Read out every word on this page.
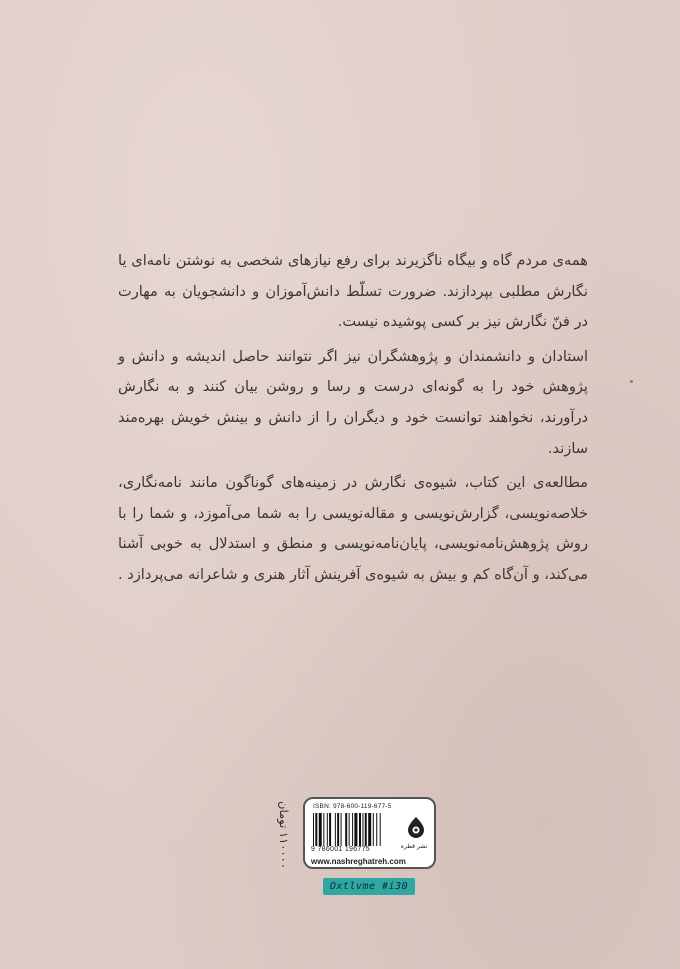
همه‌ی مردم گاه و بیگاه ناگزیرند برای رفع نیازهای شخصی به نوشتن نامه‌ای یا نگارش مطلبی بپردازند. ضرورت تسلّط دانش‌آموزان و دانشجویان به مهارت در فنّ نگارش نیز بر کسی پوشیده نیست.

استادان و دانشمندان و پژوهشگران نیز اگر نتوانند حاصل اندیشه و دانش و پژوهش خود را به گونه‌ای درست و رسا و روشن بیان کنند و به نگارش درآورند، نخواهند توانست خود و دیگران را از دانش و بینش خویش بهره‌مند سازند.

مطالعه‌ی این کتاب، شیوه‌ی نگارش در زمینه‌های گوناگون مانند نامه‌نگاری، خلاصه‌نویسی، گزارش‌نویسی و مقاله‌نویسی را به شما می‌آموزد، و شما را با روش پژوهش‌نامه‌نویسی، پایان‌نامه‌نویسی و منطق و استدلال به خوبی آشنا می‌کند، و آن‌گاه کم و بیش به شیوه‌ی آفرینش آثار هنری و شاعرانه می‌پردازد .

۱۱۰۰۰۰ تومان
ISBN: 978-600-119-677-5
9 786001 196775	نشر قطره
www.nashreghatreh.com
Oxtlvme #i30
